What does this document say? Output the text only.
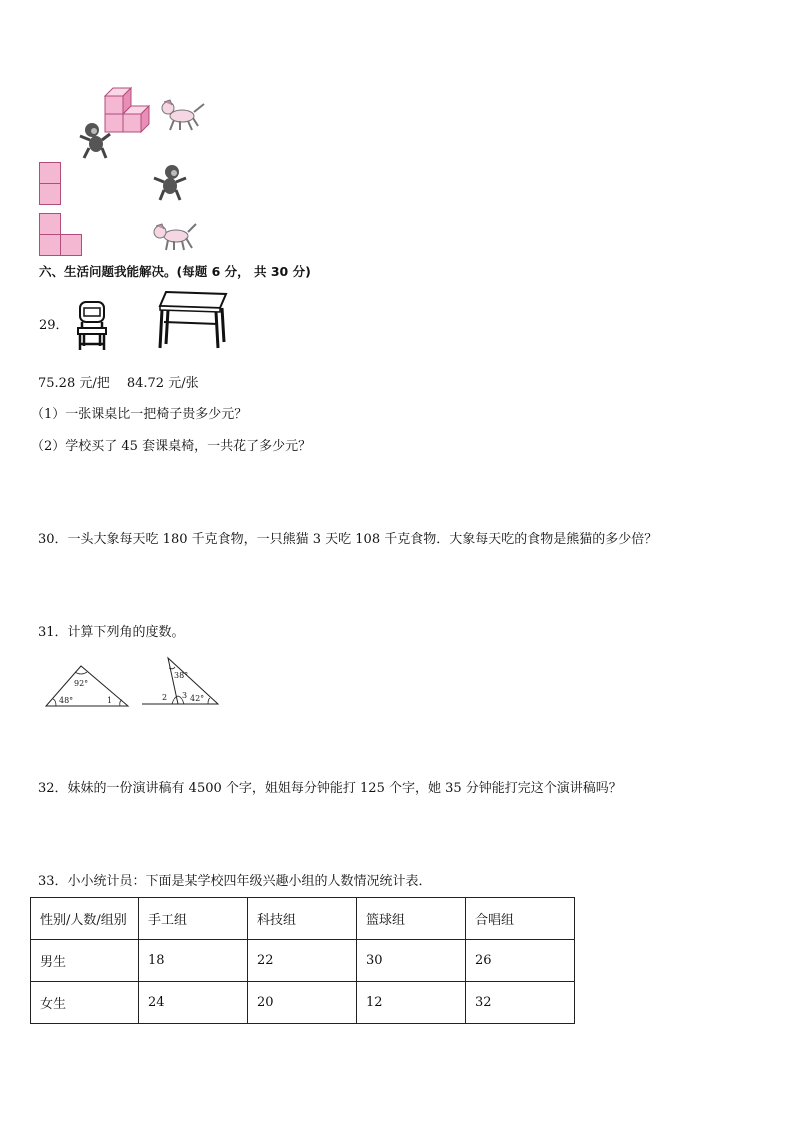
六、生活问题我能解决。(每题 6 分， 共 30 分)
29．
75.28 元/把　 84.72 元/张
（1）一张课桌比一把椅子贵多少元？
（2）学校买了 45 套课桌椅，一共花了多少元？
30．一头大象每天吃 180 千克食物，一只熊猫 3 天吃 108 千克食物．大象每天吃的食物是熊猫的多少倍？
31．计算下列角的度数。
92°
48°	1
38°
2 3 42°
32．妹妹的一份演讲稿有 4500 个字，姐姐每分钟能打 125 个字，她 35 分钟能打完这个演讲稿吗？
33．小小统计员：下面是某学校四年级兴趣小组的人数情况统计表．
性别/人数/组别	手工组	科技组	篮球组	合唱组
男生	18	22	30	26
女生	24	20	12	32
